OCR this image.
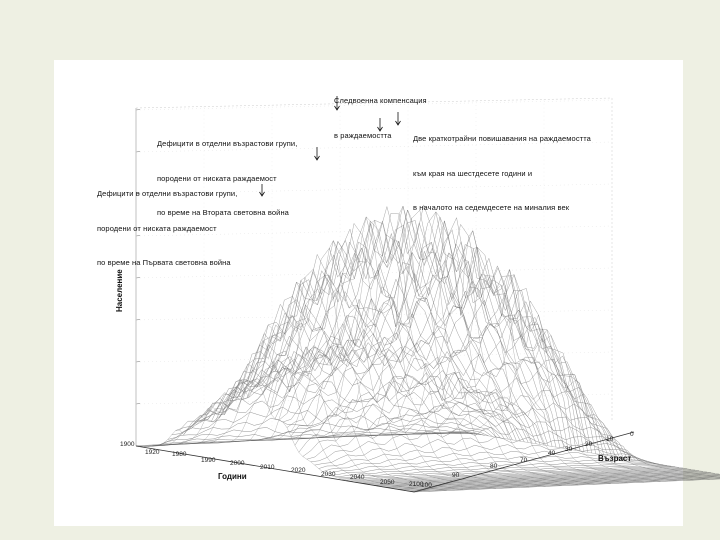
1900
1920 1980
1990 2000
2010	2020
2030 2040
2050 2100
100
90
80
70
40
30
20
10
0
Население
Години
Възраст

Дефицити в отделни възрастови групи,

породени от ниската раждаемост

по време на Първата световна война

Дефицити в отделни възрастови групи,

породени от ниската раждаемост

по време на Втората световна война

Следвоенна компенсация

в раждаемостта

	Две краткотрайни повишавания на раждаемостта

към края на шестдесете години и

в началото на седемдесете на миналия век
